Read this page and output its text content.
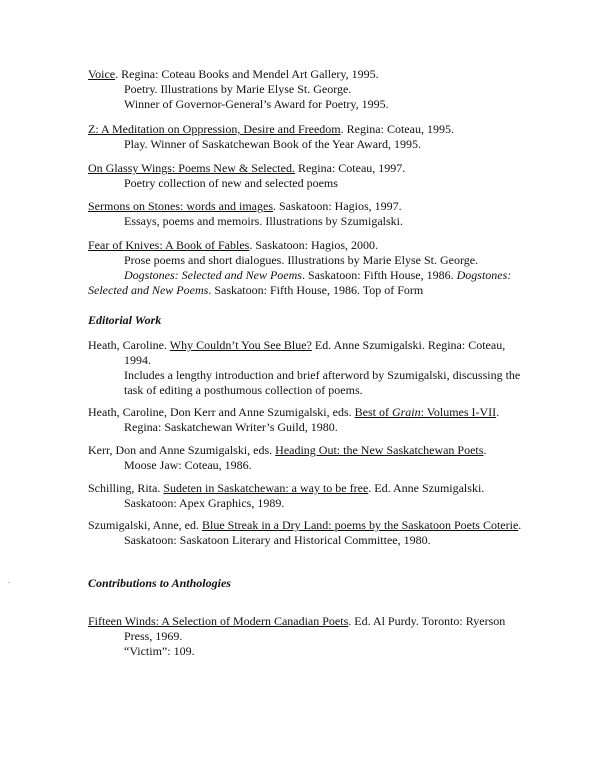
Voice. Regina: Coteau Books and Mendel Art Gallery, 1995.
Poetry. Illustrations by Marie Elyse St. George.
Winner of Governor-General’s Award for Poetry, 1995.
Z: A Meditation on Oppression, Desire and Freedom. Regina: Coteau, 1995.
Play. Winner of Saskatchewan Book of the Year Award, 1995.
On Glassy Wings: Poems New & Selected. Regina: Coteau, 1997.
Poetry collection of new and selected poems
Sermons on Stones: words and images. Saskatoon: Hagios, 1997.
Essays, poems and memoirs. Illustrations by Szumigalski.
Fear of Knives: A Book of Fables. Saskatoon: Hagios, 2000.
Prose poems and short dialogues. Illustrations by Marie Elyse St. George.
Dogstones: Selected and New Poems. Saskatoon: Fifth House, 1986. Dogstones:
Selected and New Poems. Saskatoon: Fifth House, 1986. Top of Form
Editorial Work
Heath, Caroline. Why Couldn’t You See Blue? Ed. Anne Szumigalski. Regina: Coteau,
1994.
Includes a lengthy introduction and brief afterword by Szumigalski, discussing the task of editing a posthumous collection of poems.
Heath, Caroline, Don Kerr and Anne Szumigalski, eds. Best of Grain: Volumes I-VII.
Regina: Saskatchewan Writer’s Guild, 1980.
Kerr, Don and Anne Szumigalski, eds. Heading Out: the New Saskatchewan Poets.
Moose Jaw: Coteau, 1986.
Schilling, Rita. Sudeten in Saskatchewan: a way to be free. Ed. Anne Szumigalski.
Saskatoon: Apex Graphics, 1989.
Szumigalski, Anne, ed. Blue Streak in a Dry Land: poems by the Saskatoon Poets Coterie.
Saskatoon: Saskatoon Literary and Historical Committee, 1980.
Contributions to Anthologies
Fifteen Winds: A Selection of Modern Canadian Poets. Ed. Al Purdy. Toronto: Ryerson
Press, 1969.
“Victim”: 109.
